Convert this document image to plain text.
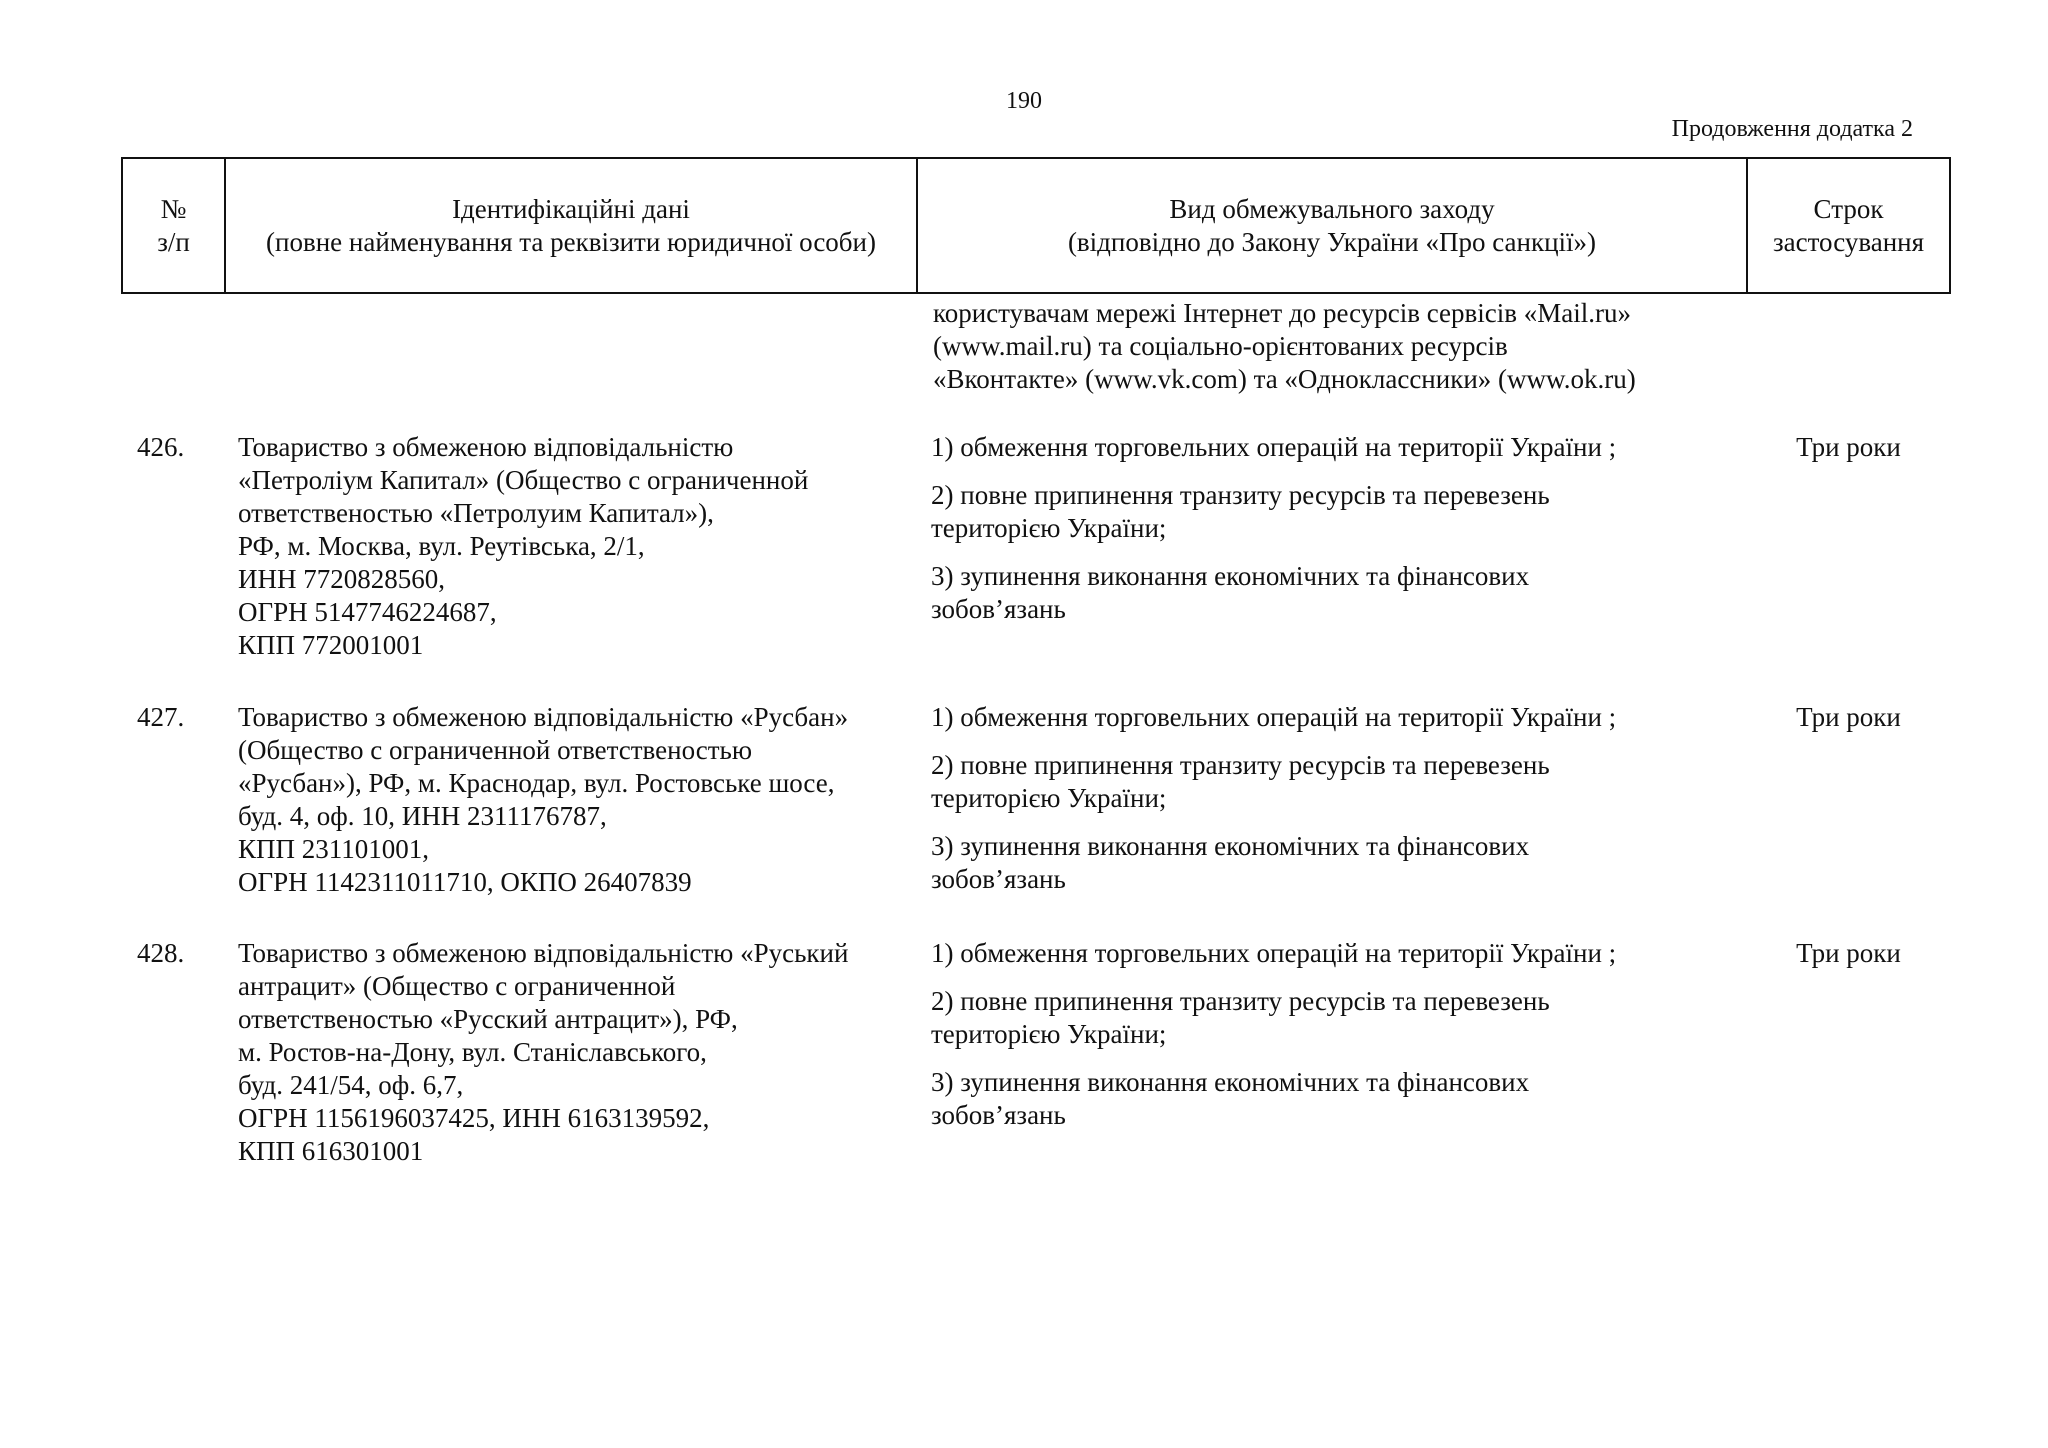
190
Продовження додатка 2
№
з/п
Ідентифікаційні дані
(повне найменування та реквізити юридичної особи)
Вид обмежувального заходу
(відповідно до Закону України «Про санкції»)
Строк
застосування
користувачам мережі Інтернет до ресурсів сервісів «Mail.ru»
(www.mail.ru) та соціально-орієнтованих ресурсів
«Вконтакте» (www.vk.com) та «Одноклассники» (www.ok.ru)
426. Товариство з обмеженою відповідальністю
«Петроліум Капитал» (Общество с ограниченной
ответственостью «Петролуим Капитал»),
РФ, м. Москва, вул. Реутівська, 2/1,
ИНН 7720828560,
ОГРН 5147746224687,
КПП 772001001
1) обмеження торговельних операцій на території України ;
2) повне припинення транзиту ресурсів та перевезень
територією України;
3) зупинення виконання економічних та фінансових
зобов’язань
Три роки
427. Товариство з обмеженою відповідальністю «Русбан»
(Общество с ограниченной ответственостью
«Русбан»), РФ, м. Краснодар, вул. Ростовське шосе,
буд. 4, оф. 10, ИНН 2311176787,
КПП 231101001,
ОГРН 1142311011710, ОКПО 26407839
1) обмеження торговельних операцій на території України ;
2) повне припинення транзиту ресурсів та перевезень
територією України;
3) зупинення виконання економічних та фінансових
зобов’язань
Три роки
428. Товариство з обмеженою відповідальністю «Руський
антрацит» (Общество с ограниченной
ответственостью «Русский антрацит»), РФ,
м. Ростов-на-Дону, вул. Станіславського,
буд. 241/54, оф. 6,7,
ОГРН 1156196037425, ИНН 6163139592,
КПП 616301001
1) обмеження торговельних операцій на території України ;
2) повне припинення транзиту ресурсів та перевезень
територією України;
3) зупинення виконання економічних та фінансових
зобов’язань
Три роки
